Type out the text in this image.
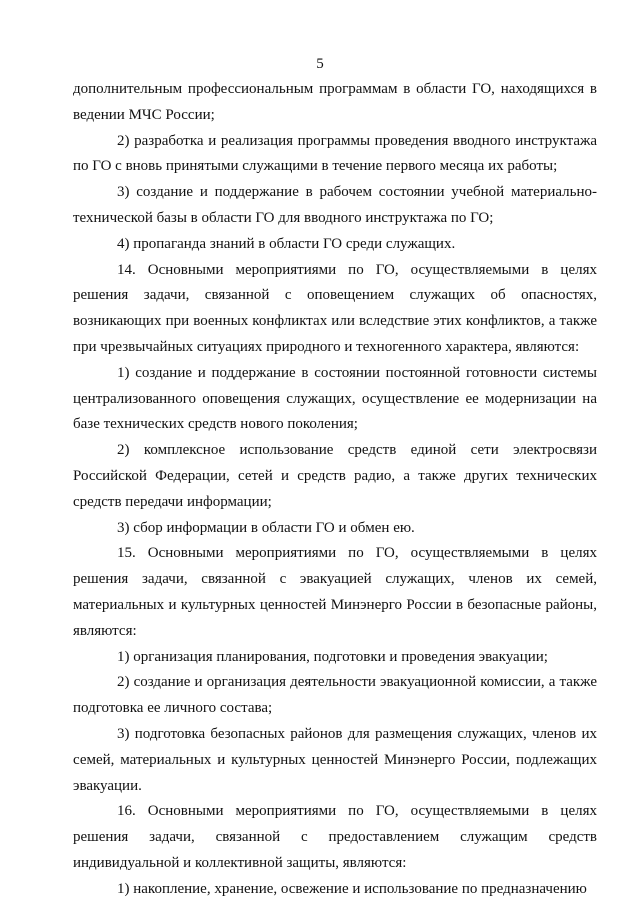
5

дополнительным профессиональным программам в области ГО, находящихся в ведении МЧС России;

2) разработка и реализация программы проведения вводного инструктажа по ГО с вновь принятыми служащими в течение первого месяца их работы;

3) создание и поддержание в рабочем состоянии учебной материально-технической базы в области ГО для вводного инструктажа по ГО;

4) пропаганда знаний в области ГО среди служащих.

14. Основными мероприятиями по ГО, осуществляемыми в целях решения задачи, связанной с оповещением служащих об опасностях, возникающих при военных конфликтах или вследствие этих конфликтов, а также при чрезвычайных ситуациях природного и техногенного характера, являются:

1) создание и поддержание в состоянии постоянной готовности системы централизованного оповещения служащих, осуществление ее модернизации на базе технических средств нового поколения;

2) комплексное использование средств единой сети электросвязи Российской Федерации, сетей и средств радио, а также других технических средств передачи информации;

3) сбор информации в области ГО и обмен ею.

15. Основными мероприятиями по ГО, осуществляемыми в целях решения задачи, связанной с эвакуацией служащих, членов их семей, материальных и культурных ценностей Минэнерго России в безопасные районы, являются:

1) организация планирования, подготовки и проведения эвакуации;

2) создание и организация деятельности эвакуационной комиссии, а также подготовка ее личного состава;

3) подготовка безопасных районов для размещения служащих, членов их семей, материальных и культурных ценностей Минэнерго России, подлежащих эвакуации.

16. Основными мероприятиями по ГО, осуществляемыми в целях решения задачи, связанной с предоставлением служащим средств индивидуальной и коллективной защиты, являются:

1) накопление, хранение, освежение и использование по предназначению
